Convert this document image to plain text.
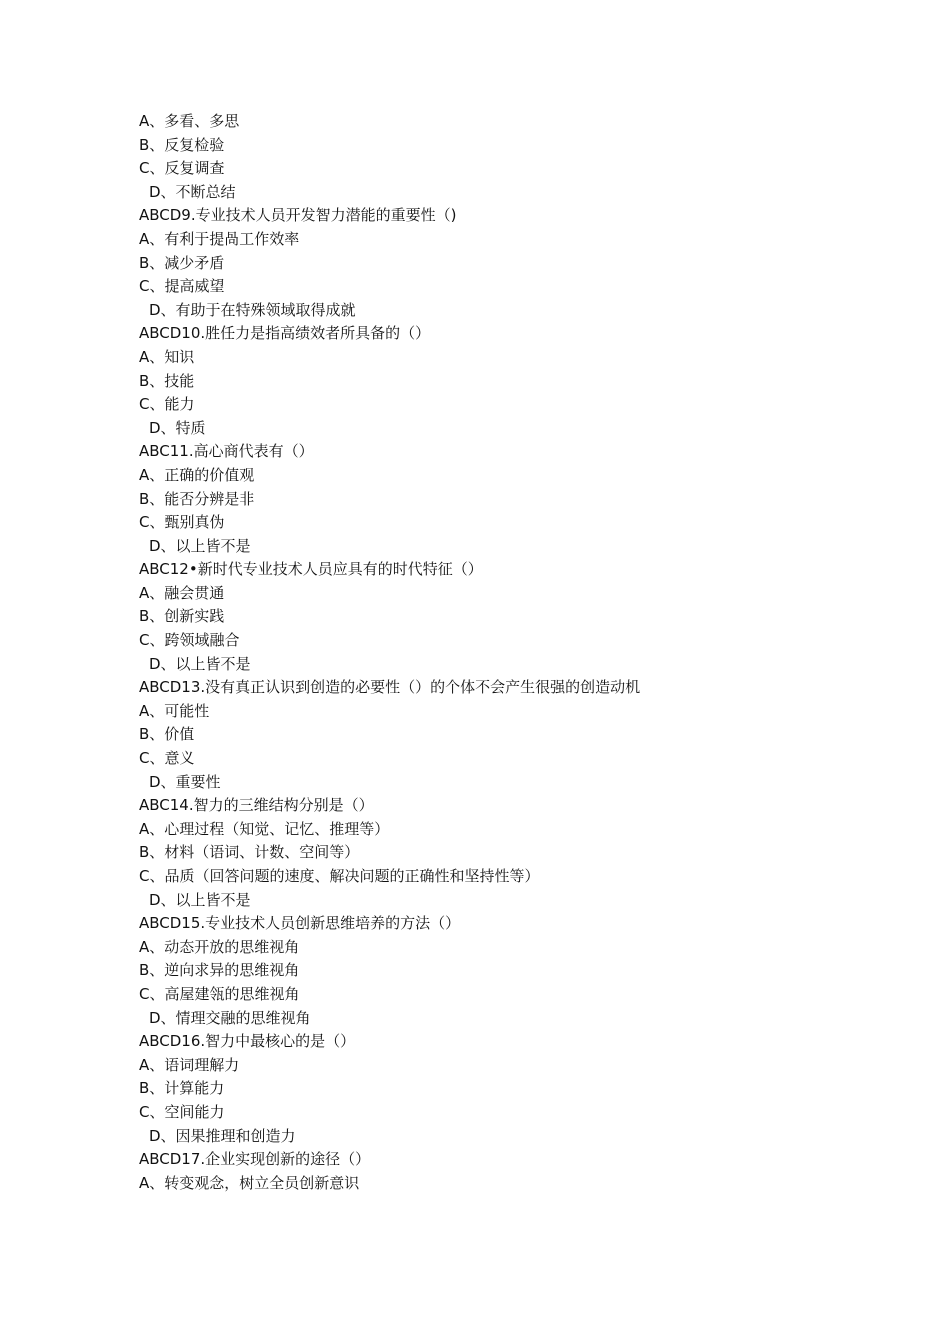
A、多看、多思
B、反复检验
C、反复调查
D、不断总结
ABCD9.专业技术人员开发智力潜能的重要性（)
A、有利于提咼工作效率
B、减少矛盾
C、提高威望
D、有助于在特殊领域取得成就
ABCD10.胜任力是指高绩效者所具备的（）
A、知识
B、技能
C、能力
D、特质
ABC11.高心商代表有（）
A、正确的价值观
B、能否分辨是非
C、甄别真伪
D、以上皆不是
ABC12•新时代专业技术人员应具有的时代特征（）
A、融会贯通
B、创新实践
C、跨领域融合
D、以上皆不是
ABCD13.没有真正认识到创造的必要性（）的个体不会产生很强的创造动机
A、可能性
B、价值
C、意义
D、重要性
ABC14.智力的三维结构分别是（）
A、心理过程（知觉、记忆、推理等）
B、材料（语词、计数、空间等）
C、品质（回答问题的速度、解决问题的正确性和坚持性等）
D、以上皆不是
ABCD15.专业技术人员创新思维培养的方法（）
A、动态开放的思维视角
B、逆向求异的思维视角
C、高屋建瓴的思维视角
D、情理交融的思维视角
ABCD16.智力中最核心的是（）
A、语词理解力
B、计算能力
C、空间能力
D、因果推理和创造力
ABCD17.企业实现创新的途径（）
A、转变观念，树立全员创新意识
